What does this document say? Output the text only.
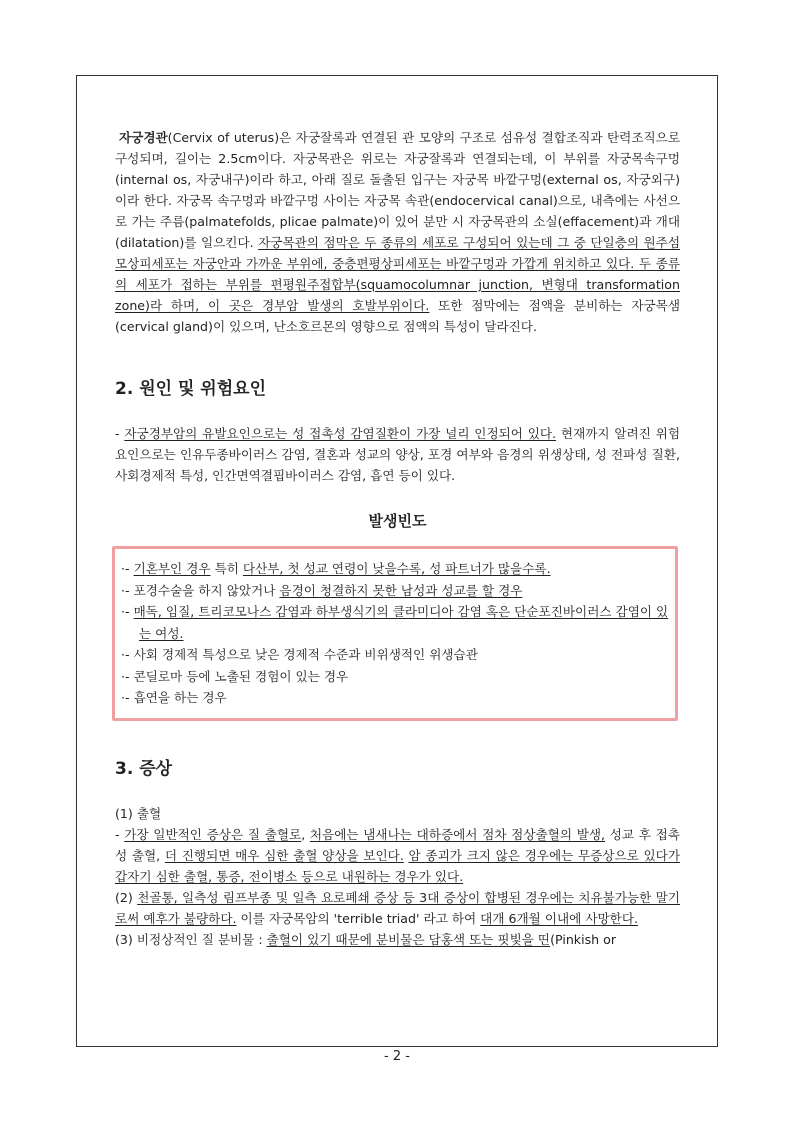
자궁경관(Cervix of uterus)은 자궁잘록과 연결된 관 모양의 구조로 섬유성 결합조직과 탄력조직으로 구성되며, 길이는 2.5cm이다. 자궁목관은 위로는 자궁잘록과 연결되는데, 이 부위를 자궁목속구멍(internal os, 자궁내구)이라 하고, 아래 질로 돌출된 입구는 자궁목 바깥구멍(external os, 자궁외구)이라 한다. 자궁목 속구멍과 바깥구멍 사이는 자궁목 속관(endocervical canal)으로, 내측에는 사선으로 가는 주름(palmatefolds, plicae palmate)이 있어 분만 시 자궁목관의 소실(effacement)과 개대(dilatation)를 일으킨다. 자궁목관의 점막은 두 종류의 세포로 구성되어 있는데 그 중 단일층의 원주섬모상피세포는 자궁안과 가까운 부위에, 중층편평상피세포는 바깥구멍과 가깝게 위치하고 있다. 두 종류의 세포가 접하는 부위를 편평원주접합부(squamocolumnar junction, 변형대 transformation zone)라 하며, 이 곳은 경부암 발생의 호발부위이다. 또한 점막에는 점액을 분비하는 자궁목샘(cervical gland)이 있으며, 난소호르몬의 영향으로 점액의 특성이 달라진다.

2. 원인 및 위험요인

- 자궁경부암의 유발요인으로는 성 접촉성 감염질환이 가장 널리 인정되어 있다. 현재까지 알려진 위험요인으로는 인유두종바이러스 감염, 결혼과 성교의 양상, 포경 여부와 음경의 위생상태, 성 전파성 질환, 사회경제적 특성, 인간면역결핍바이러스 감염, 흡연 등이 있다.

발생빈도

·- 기혼부인 경우 특히 다산부, 첫 성교 연령이 낮을수록, 성 파트너가 많을수록.

·- 포경수술을 하지 않았거나 음경이 청결하지 못한 남성과 성교를 할 경우

·- 매독, 임질, 트리코모나스 감염과 하부생식기의 클라미디아 감염 혹은 단순포진바이러스 감염이 있는 여성.

·- 사회 경제적 특성으로 낮은 경제적 수준과 비위생적인 위생습관

·- 콘딜로마 등에 노출된 경험이 있는 경우

·- 흡연을 하는 경우

3. 증상

(1) 출혈

- 가장 일반적인 증상은 질 출혈로, 처음에는 냄새나는 대하증에서 점차 점상출혈의 발생, 성교 후 접촉성 출혈, 더 진행되면 매우 심한 출혈 양상을 보인다. 암 종괴가 크지 않은 경우에는 무증상으로 있다가 갑자기 심한 출혈, 통증, 전이병소 등으로 내원하는 경우가 있다.

(2) 천골통, 일측성 림프부종 및 일측 요로폐쇄 증상 등 3대 증상이 합병된 경우에는 치유불가능한 말기로써 예후가 불량하다. 이를 자궁목암의 'terrible triad' 라고 하여 대개 6개월 이내에 사망한다.

(3) 비정상적인 질 분비물 : 출혈이 있기 때문에 분비물은 담홍색 또는 핏빛을 띤(Pinkish or

- 2 -
